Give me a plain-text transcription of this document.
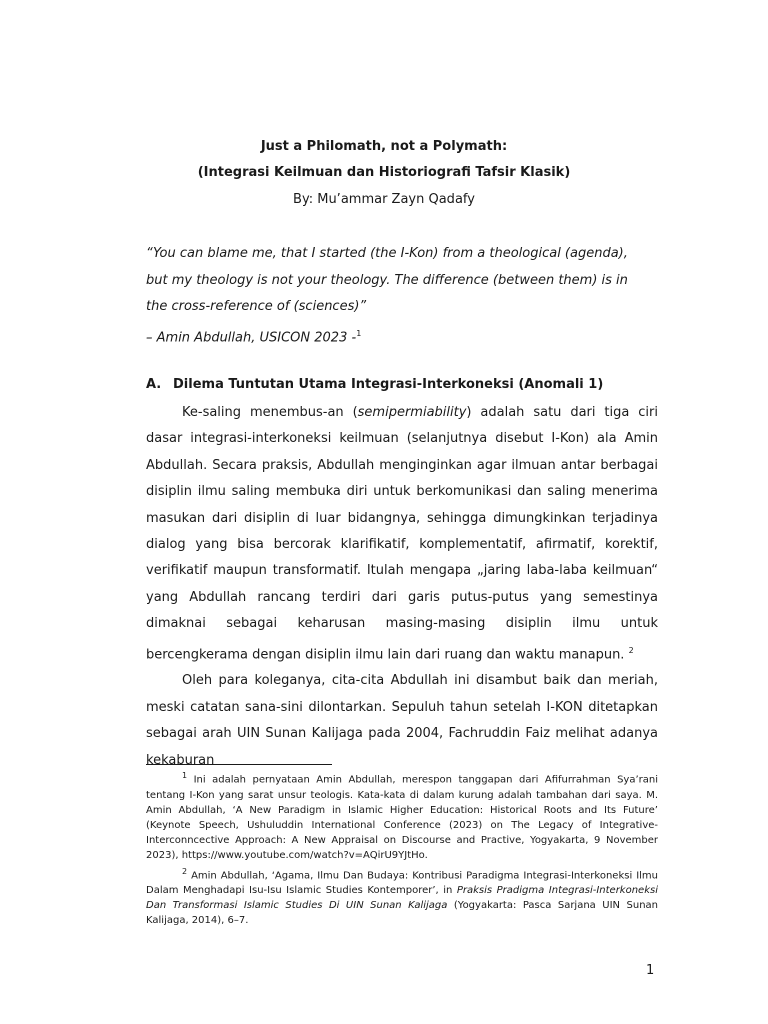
Just a Philomath, not a Polymath:
(Integrasi Keilmuan dan Historiografi Tafsir Klasik)
By: Mu’ammar Zayn Qadafy
“You can blame me, that I started (the I-Kon) from a theological (agenda), but my theology is not your theology. The difference (between them) is in the cross-reference of (sciences)”
– Amin Abdullah, USICON 2023 -$^1$
A. Dilema Tuntutan Utama Integrasi-Interkoneksi (Anomali 1)

Ke-saling menembus-an (semipermiability) adalah satu dari tiga ciri dasar integrasi-interkoneksi keilmuan (selanjutnya disebut I-Kon) ala Amin Abdullah. Secara praksis, Abdullah menginginkan agar ilmuan antar berbagai disiplin ilmu saling membuka diri untuk berkomunikasi dan saling menerima masukan dari disiplin di luar bidangnya, sehingga dimungkinkan terjadinya dialog yang bisa bercorak klarifikatif, komplementatif, afirmatif, korektif, verifikatif maupun transformatif. Itulah mengapa „jaring laba-laba keilmuan“ yang Abdullah rancang terdiri dari garis putus-putus yang semestinya dimaknai sebagai keharusan masing-masing disiplin ilmu untuk bercengkerama dengan disiplin ilmu lain dari ruang dan waktu manapun. $^2$

Oleh para koleganya, cita-cita Abdullah ini disambut baik dan meriah, meski catatan sana-sini dilontarkan. Sepuluh tahun setelah I-KON ditetapkan sebagai arah UIN Sunan Kalijaga pada 2004, Fachruddin Faiz melihat adanya kekaburan

$^1$ Ini adalah pernyataan Amin Abdullah, merespon tanggapan dari Afifurrahman Sya’rani tentang I-Kon yang sarat unsur teologis. Kata-kata di dalam kurung adalah tambahan dari saya. M. Amin Abdullah, ‘A New Paradigm in Islamic Higher Education: Historical Roots and Its Future’ (Keynote Speech, Ushuluddin International Conference (2023) on The Legacy of Integrative-Interconncective Approach: A New Appraisal on Discourse and Practive, Yogyakarta, 9 November 2023), https://www.youtube.com/watch?v=AQirU9YJtHo.

$^2$ Amin Abdullah, ‘Agama, Ilmu Dan Budaya: Kontribusi Paradigma Integrasi-Interkoneksi Ilmu Dalam Menghadapi Isu-Isu Islamic Studies Kontemporer’, in Praksis Pradigma Integrasi-Interkoneksi Dan Transformasi Islamic Studies Di UIN Sunan Kalijaga (Yogyakarta: Pasca Sarjana UIN Sunan Kalijaga, 2014), 6–7.

1
